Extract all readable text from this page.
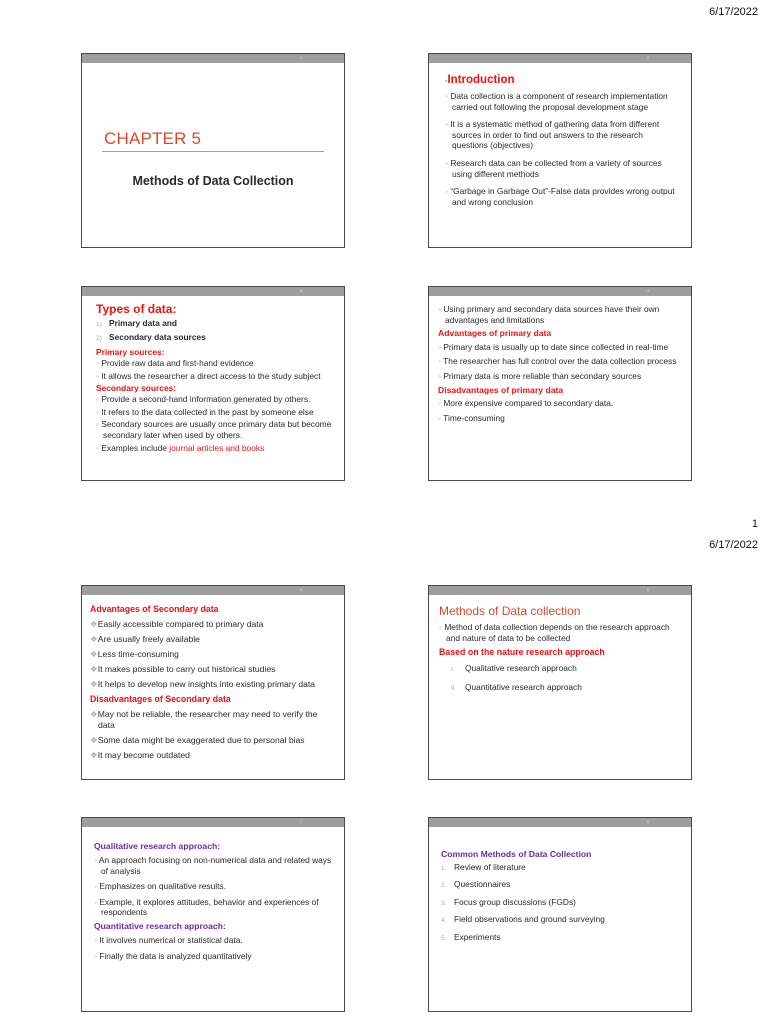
6/17/2022
1
6/17/2022
1
CHAPTER 5
Methods of Data Collection
2
▪Introduction
◦ Data collection is a component of research implementation carried out following the proposal development stage
◦ It is a systematic method of gathering data from different sources in order to find out answers to the research questions (objectives)
◦ Research data can be collected from a variety of sources using different methods
◦ “Garbage in Garbage Out”-False data provides wrong output and wrong conclusion
3
Types of data:
1) Primary data and
2) Secondary data sources
Primary sources:
◦ Provide raw data and first-hand evidence
◦ It allows the researcher a direct access to the study subject
Secondary sources:
◦ Provide a second-hand information generated by others.
◦ It refers to the data collected in the past by someone else
◦ Secondary sources are usually once primary data but become secondary later when used by others.
◦ Examples include journal articles and books
4
◦ Using primary and secondary data sources have their own advantages and limitations
Advantages of primary data
◦ Primary data is usually up to date since collected in real-time
◦ The researcher has full control over the data collection process
◦ Primary data is more reliable than secondary sources
Disadvantages of primary data
◦ More expensive compared to secondary data.
◦ Time-consuming
5
Advantages of Secondary data
❖Easily accessible compared to primary data
❖Are usually freely available
❖Less time-consuming
❖It makes possible to carry out historical studies
❖It helps to develop new insights into existing primary data
Disadvantages of Secondary data
❖May not be reliable, the researcher may need to verify the data
❖Some data might be exaggerated due to personal bias
❖It may become outdated
6
Methods of Data collection
◦ Method of data collection depends on the research approach and nature of data to be collected
Based on the nature research approach
I. Qualitative research approach
II. Quantitative research approach
7
Qualitative research approach:
◦ An approach focusing on non-numerical data and related ways of analysis
◦ Emphasizes on qualitative results.
◦ Example, it explores attitudes, behavior and experiences of respondents
Quantitative research approach:
◦ It involves numerical or statistical data.
◦ Finally the data is analyzed quantitatively
8
Common Methods of Data Collection
1. Review of literature
2. Questionnaires
3. Focus group discussions (FGDs)
4. Field observations and ground surveying
5. Experiments
